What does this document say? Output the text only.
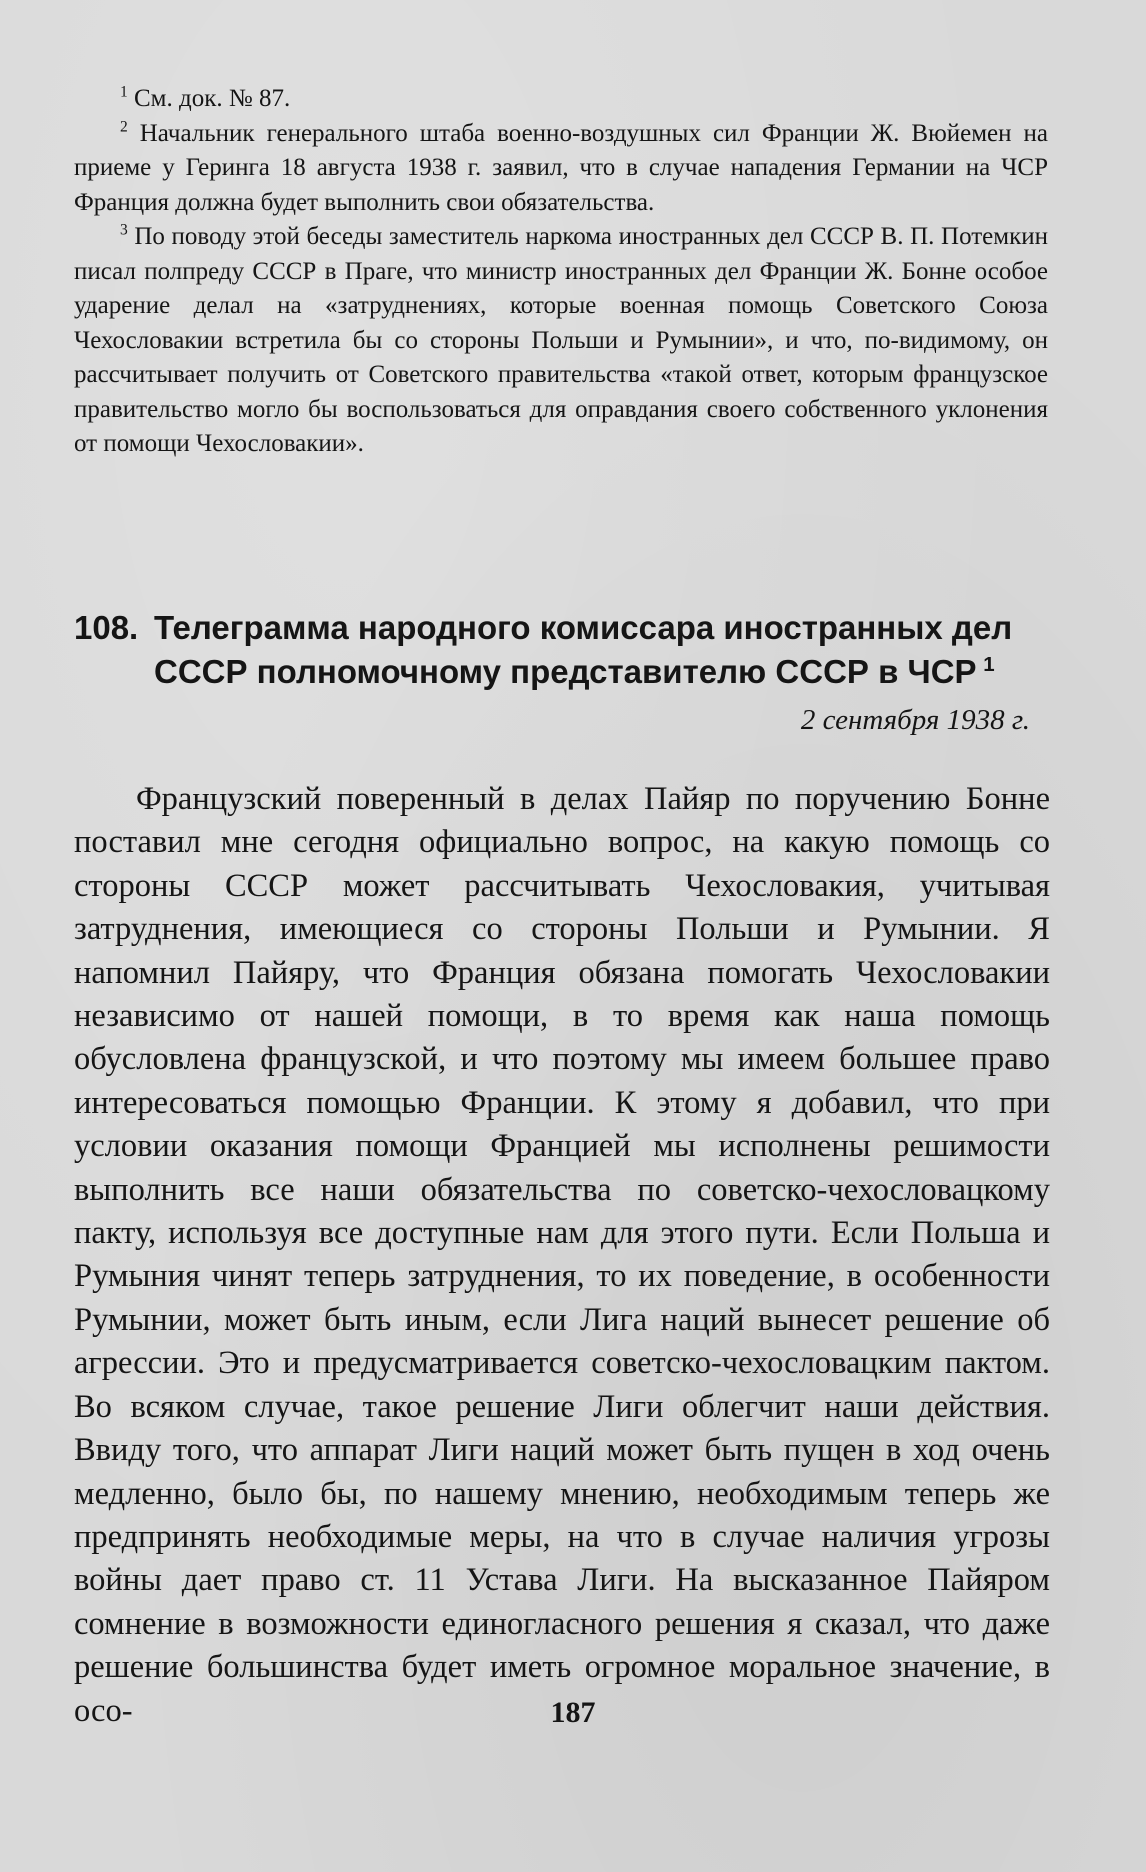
$^1$ См. док. № 87.

$^2$ Начальник генерального штаба военно-воздушных сил Франции Ж. Вюйемен на приеме у Геринга 18 августа 1938 г. заявил, что в случае нападения Германии на ЧСР Франция должна будет выполнить свои обязательства.

$^3$ По поводу этой беседы заместитель наркома иностранных дел СССР В. П. Потемкин писал полпреду СССР в Праге, что министр иностранных дел Франции Ж. Бонне особое ударение делал на «затруднениях, которые военная помощь Советского Союза Чехословакии встретила бы со стороны Польши и Румынии», и что, по-видимому, он рассчитывает получить от Советского правительства «такой ответ, которым французское правительство могло бы воспользоваться для оправдания своего собственного уклонения от помощи Чехословакии».

108. Телеграмма народного комиссара иностранных дел
СССР полномочному представителю СССР в ЧСР  $^1$

2 сентября 1938 г.

Французский поверенный в делах Пайяр по поручению Бонне поставил мне сегодня официально вопрос, на какую помощь со стороны СССР может рассчитывать Чехословакия, учитывая затруднения, имеющиеся со стороны Польши и Румынии. Я напомнил Пайяру, что Франция обязана помогать Чехословакии независимо от нашей помощи, в то время как наша помощь обусловлена французской, и что поэтому мы имеем большее право интересоваться помощью Франции. К этому я добавил, что при условии оказания помощи Францией мы исполнены решимости выполнить все наши обязательства по советско-чехословацкому пакту, используя все доступные нам для этого пути. Если Польша и Румыния чинят теперь затруднения, то их поведение, в особенности Румынии, может быть иным, если Лига наций вынесет решение об агрессии. Это и предусматривается советско-чехословацким пактом. Во всяком случае, такое решение Лиги облегчит наши действия. Ввиду того, что аппарат Лиги наций может быть пущен в ход очень медленно, было бы, по нашему мнению, необходимым теперь же предпринять необходимые меры, на что в случае наличия угрозы войны дает право ст. 11 Устава Лиги. На высказанное Пайяром сомнение в возможности единогласного решения я сказал, что даже решение большинства будет иметь огромное моральное значение, в осо-	187
